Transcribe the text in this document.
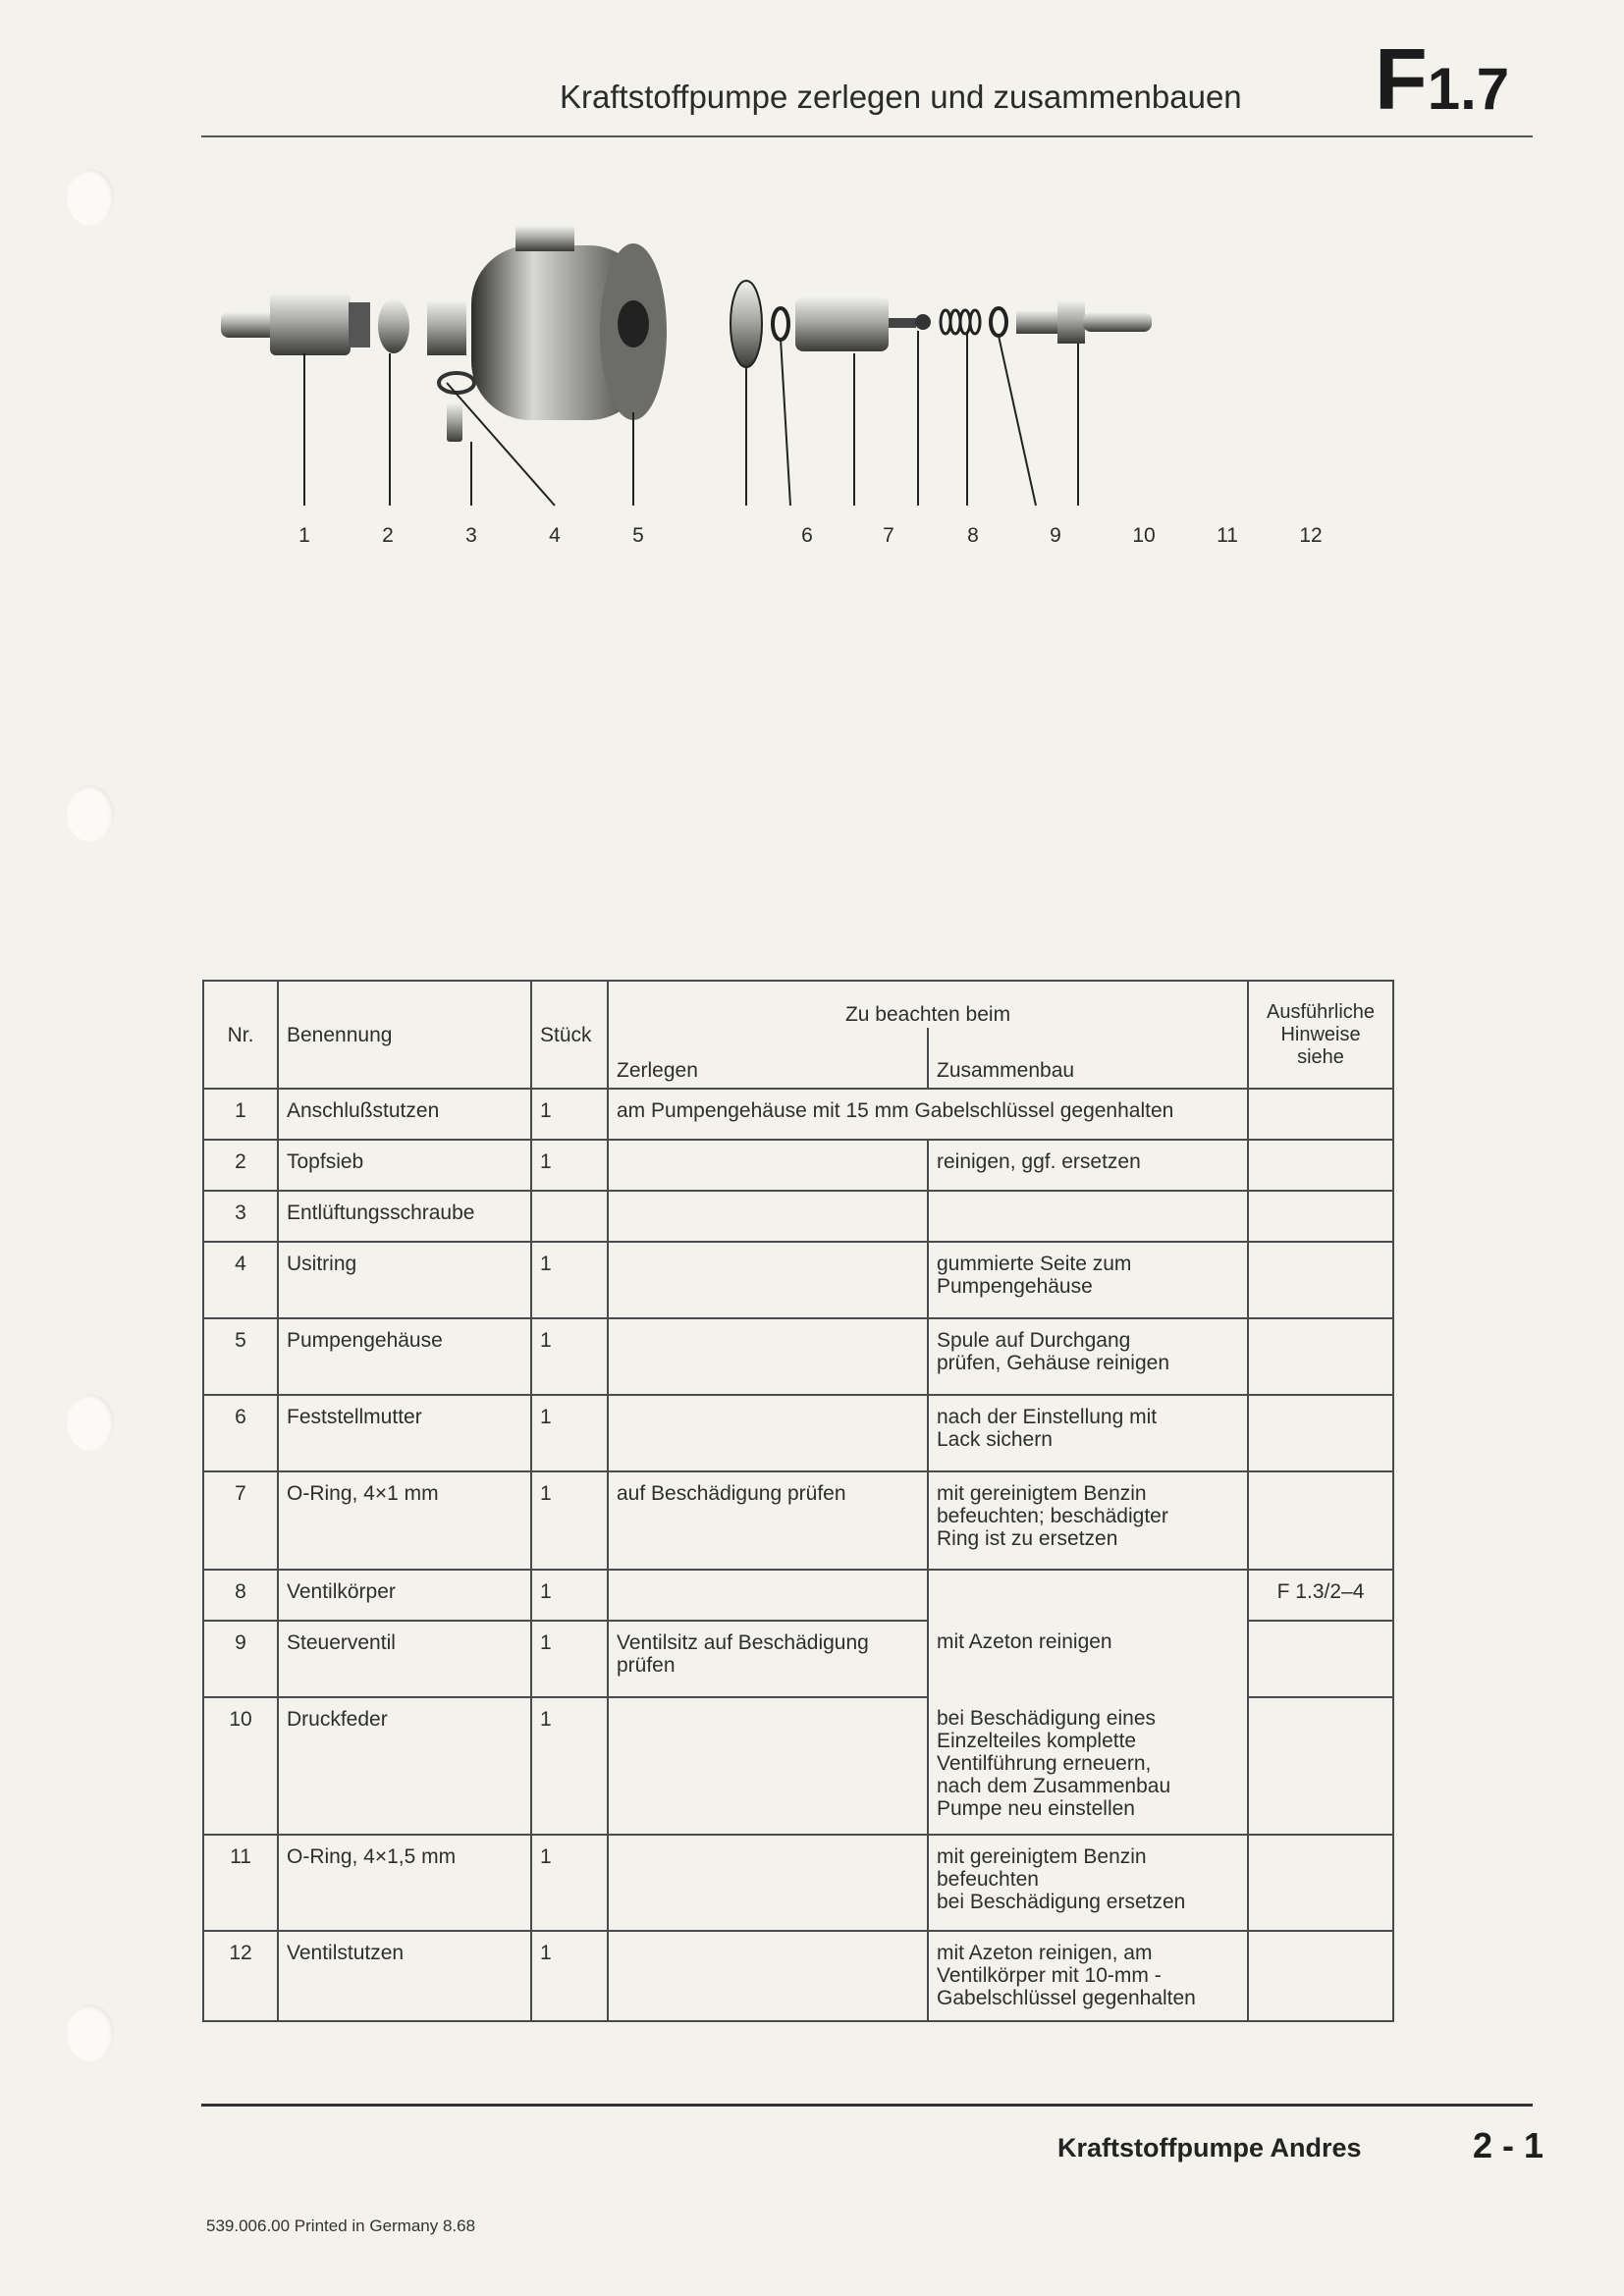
Kraftstoffpumpe zerlegen und zusammenbauen F1.7
1	2	3	4	5	6	7	8	9	10	11	12
Nr.	Benennung	Stück	Zu beachten beim		Ausführliche
Hinweise
siehe

			Zerlegen	Zusammenbau	
1	Anschlußstutzen	1	am Pumpengehäuse mit 15 mm Gabelschlüssel gegenhalten		
2	Topfsieb	1		reinigen, ggf. ersetzen	
3	Entlüftungsschraube				
4	Usitring	1		gummierte Seite zum
Pumpengehäuse	

5	Pumpengehäuse	1		Spule auf Durchgang
prüfen, Gehäuse reinigen	

6	Feststellmutter	1		nach der Einstellung mit
Lack sichern	

7	O-Ring, 4×1 mm	1	auf Beschädigung prüfen	mit gereinigtem Benzin
befeuchten; beschädigter
Ring ist zu ersetzen	

8	Ventilkörper	1			F 1.3/2–4
9	Steuerventil	1	Ventilsitz auf Beschädigung
prüfen	mit Azeton reinigen	
10	Druckfeder	1		bei Beschädigung eines
Einzelteiles komplette
Ventilführung erneuern,
nach dem Zusammenbau
Pumpe neu einstellen	

11	O-Ring, 4×1,5 mm	1		mit gereinigtem Benzin
befeuchten
bei Beschädigung ersetzen	

12	Ventilstutzen	1		mit Azeton reinigen, am
Ventilkörper mit 10-mm -
Gabelschlüssel gegenhalten	

Kraftstoffpumpe Andres	2 - 1
539.006.00 Printed in Germany 8.68
